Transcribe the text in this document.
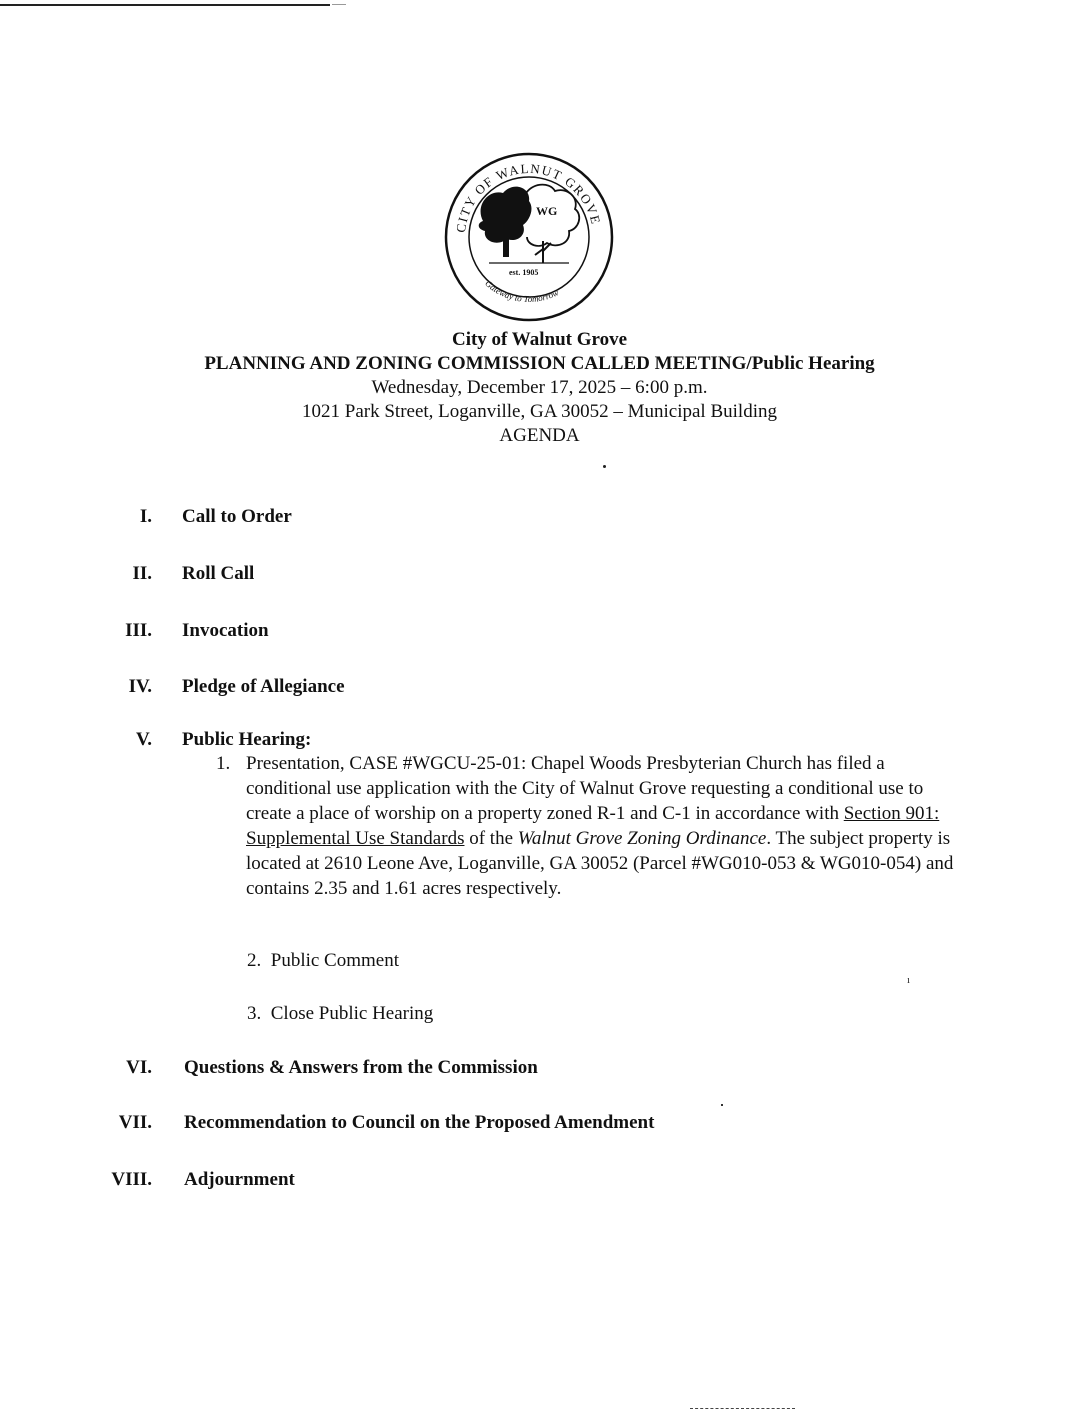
CITY OF WALNUT GROVE
Gateway to Tomorrow
WG
est. 1905
City of Walnut Grove
PLANNING AND ZONING COMMISSION CALLED MEETING/Public Hearing
Wednesday, December 17, 2025 – 6:00 p.m.
1021 Park Street, Loganville, GA 30052 – Municipal Building
AGENDA
I. Call to Order
II. Roll Call
III. Invocation
IV. Pledge of Allegiance
V. Public Hearing:
1. Presentation, CASE #WGCU-25-01: Chapel Woods Presbyterian Church has filed a conditional use application with the City of Walnut Grove requesting a conditional use to create a place of worship on a property zoned R-1 and C-1 in accordance with Section 901: Supplemental Use Standards of the Walnut Grove Zoning Ordinance. The subject property is located at 2610 Leone Ave, Loganville, GA 30052 (Parcel #WG010-053 & WG010-054) and contains 2.35 and 1.61 acres respectively.
2. Public Comment
ı
3. Close Public Hearing
VI. Questions & Answers from the Commission
VII. Recommendation to Council on the Proposed Amendment
VIII. Adjournment
